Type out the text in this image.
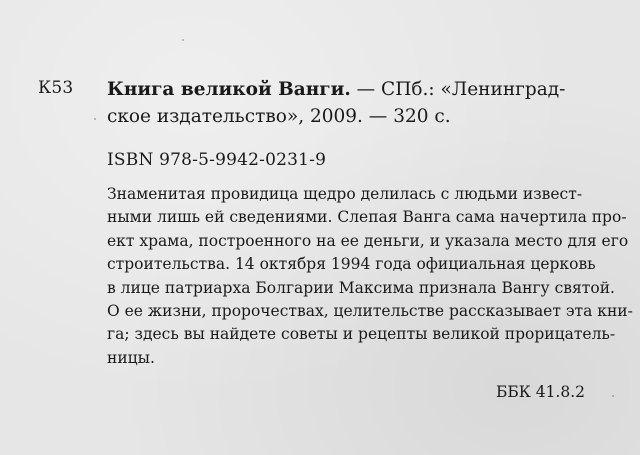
К53 Книга великой Ванги. — СПб.: «Ленинград-
ское издательство», 2009. — 320 с.
ISBN 978-5-9942-0231-9
Знаменитая провидица щедро делилась с людьми извест-
ными лишь ей сведениями. Слепая Ванга сама начертила про-
ект храма, построенного на ее деньги, и указала место для его
строительства. 14 октября 1994 года официальная церковь
в лице патриарха Болгарии Максима признала Вангу святой.
О ее жизни, пророчествах, целительстве рассказывает эта кни-
га; здесь вы найдете советы и рецепты великой прорицатель-
ницы.
ББК 41.8.2
